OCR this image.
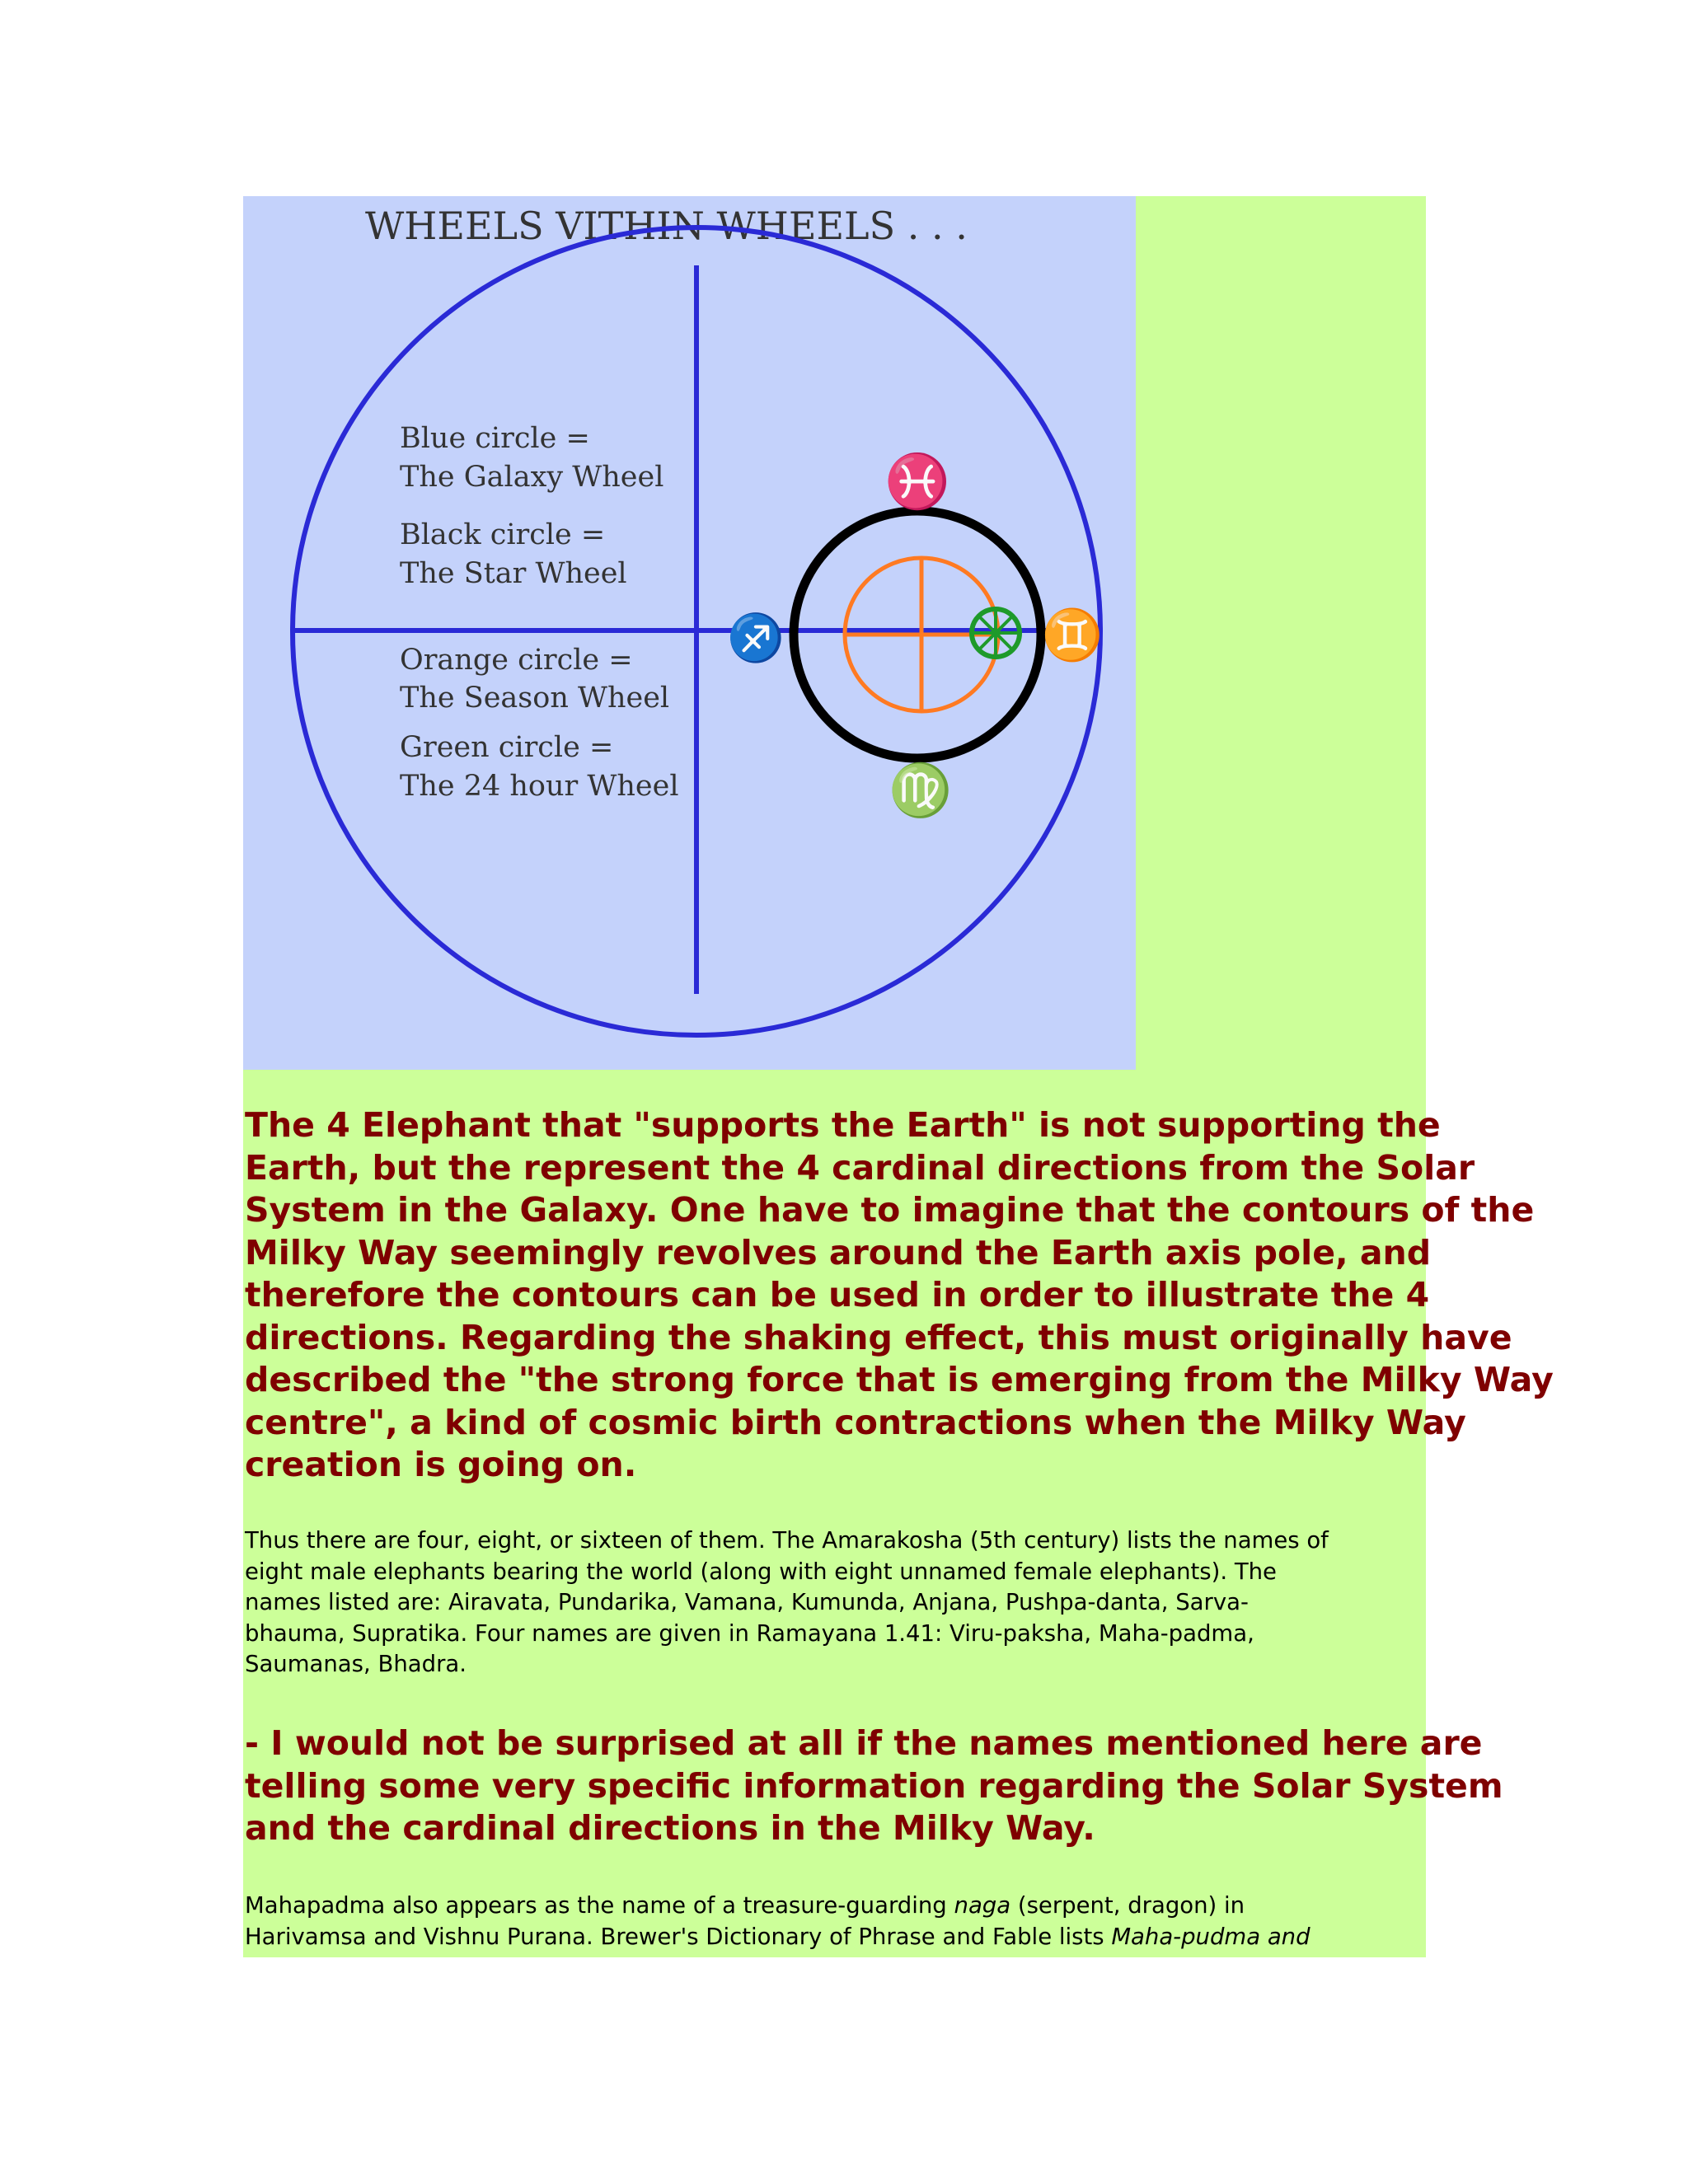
WHEELS VITHIN WHEELS . . .
Blue circle =
The Galaxy Wheel
Black circle =
The Star Wheel
Orange circle =
The Season Wheel
Green circle =
The 24 hour Wheel
♓
♍
♐	♊

The 4 Elephant that "supports the Earth" is not supporting the
Earth, but the represent the 4 cardinal directions from the Solar
System in the Galaxy. One have to imagine that the contours of the
Milky Way seemingly revolves around the Earth axis pole, and
therefore the contours can be used in order to illustrate the 4
directions. Regarding the shaking effect, this must originally have
described the "the strong force that is emerging from the Milky Way
centre", a kind of cosmic birth contractions when the Milky Way
creation is going on.

Thus there are four, eight, or sixteen of them. The Amarakosha (5th century) lists the names of
eight male elephants bearing the world (along with eight unnamed female elephants). The
names listed are: Airavata, Pundarika, Vamana, Kumunda, Anjana, Pushpa-danta, Sarva-
bhauma, Supratika. Four names are given in Ramayana 1.41: Viru-paksha, Maha-padma,
Saumanas, Bhadra.

- I would not be surprised at all if the names mentioned here are
telling some very specific information regarding the Solar System
and the cardinal directions in the Milky Way.

Mahapadma also appears as the name of a treasure-guarding naga (serpent, dragon) in
Harivamsa and Vishnu Purana. Brewer's Dictionary of Phrase and Fable lists Maha-pudma and
